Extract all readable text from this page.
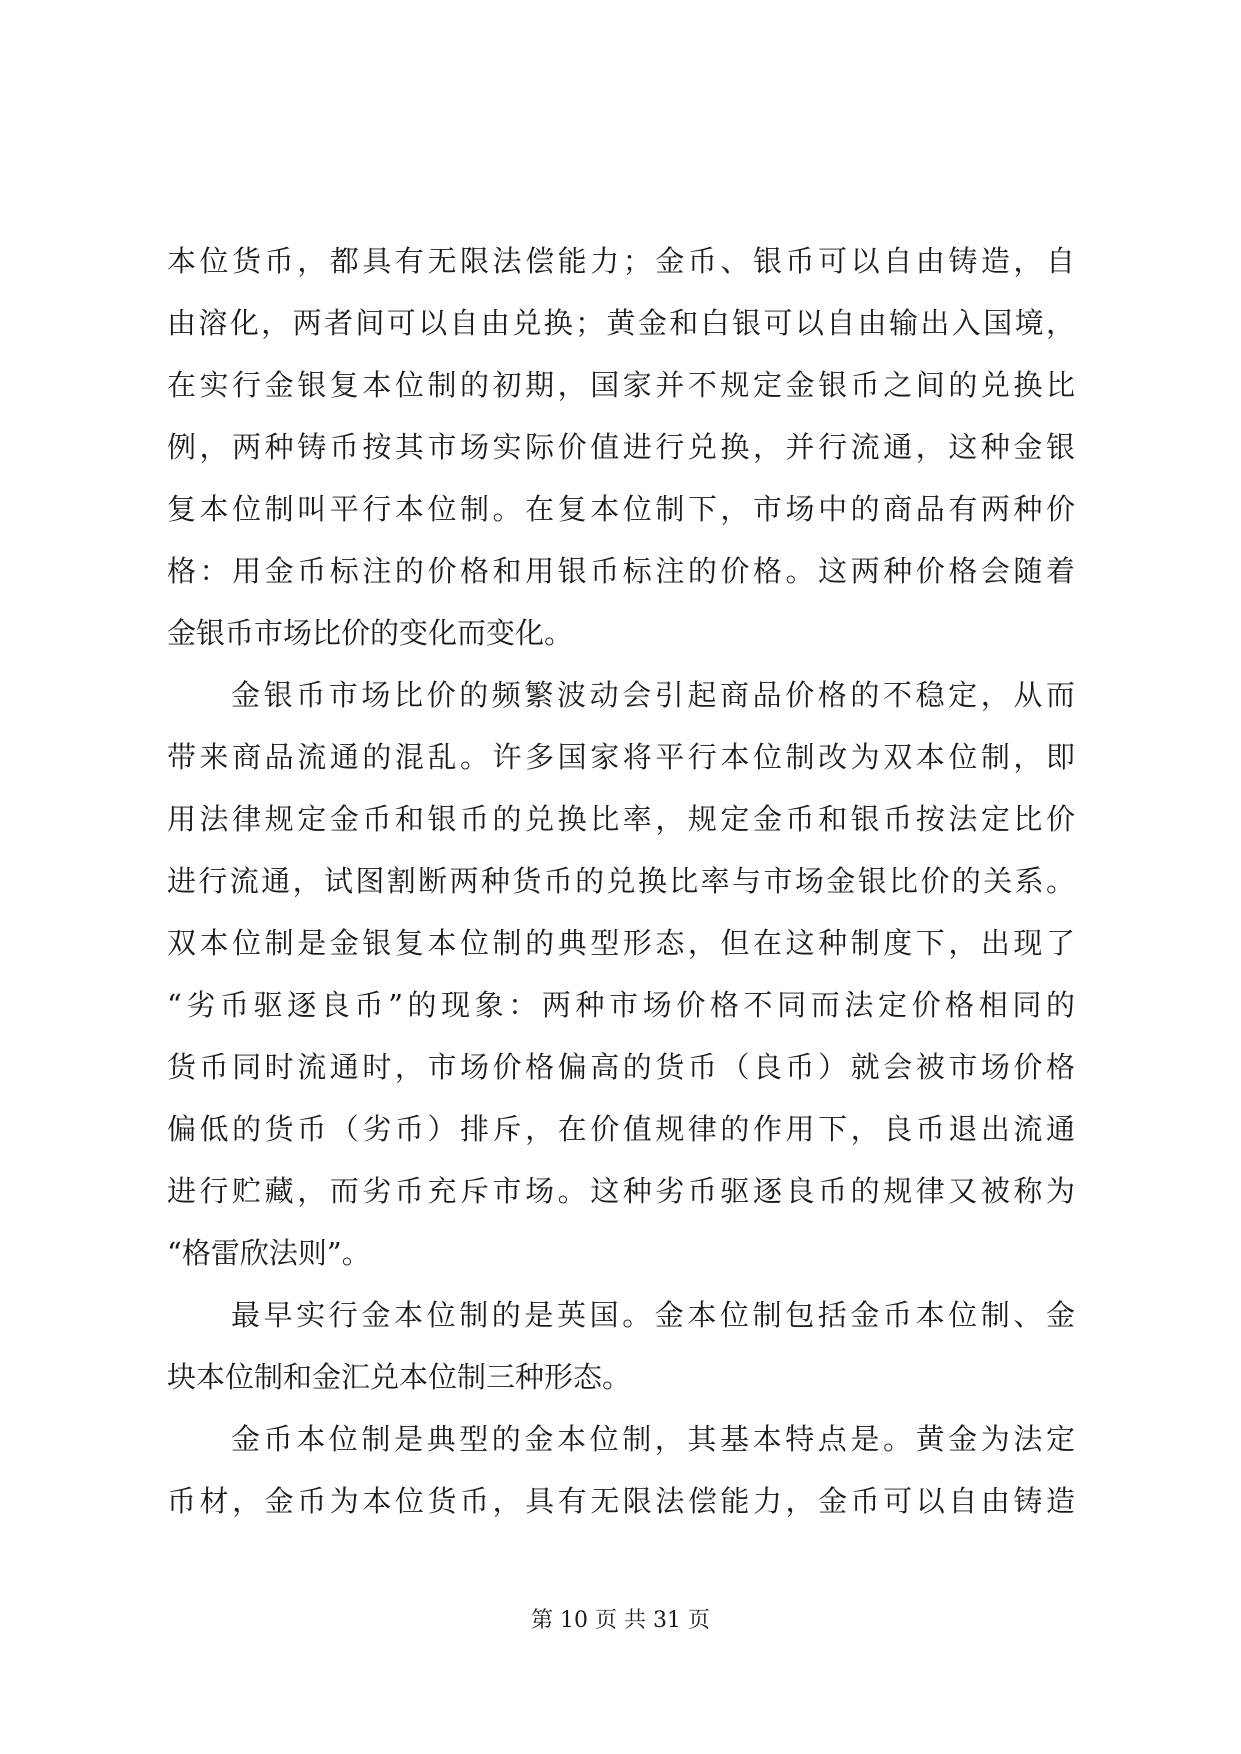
本位货币，都具有无限法偿能力；金币、银币可以自由铸造，自
由溶化，两者间可以自由兑换；黄金和白银可以自由输出入国境，
在实行金银复本位制的初期，国家并不规定金银币之间的兑换比
例，两种铸币按其市场实际价值进行兑换，并行流通，这种金银
复本位制叫平行本位制。在复本位制下，市场中的商品有两种价
格：用金币标注的价格和用银币标注的价格。这两种价格会随着
金银币市场比价的变化而变化。
金银币市场比价的频繁波动会引起商品价格的不稳定，从而
带来商品流通的混乱。许多国家将平行本位制改为双本位制，即
用法律规定金币和银币的兑换比率，规定金币和银币按法定比价
进行流通，试图割断两种货币的兑换比率与市场金银比价的关系。
双本位制是金银复本位制的典型形态，但在这种制度下，出现了
“劣币驱逐良币”的现象：两种市场价格不同而法定价格相同的
货币同时流通时，市场价格偏高的货币（良币）就会被市场价格
偏低的货币（劣币）排斥，在价值规律的作用下，良币退出流通
进行贮藏，而劣币充斥市场。这种劣币驱逐良币的规律又被称为
“格雷欣法则”。
最早实行金本位制的是英国。金本位制包括金币本位制、金
块本位制和金汇兑本位制三种形态。
金币本位制是典型的金本位制，其基本特点是。黄金为法定
币材，金币为本位货币，具有无限法偿能力，金币可以自由铸造
第 10 页 共 31 页
